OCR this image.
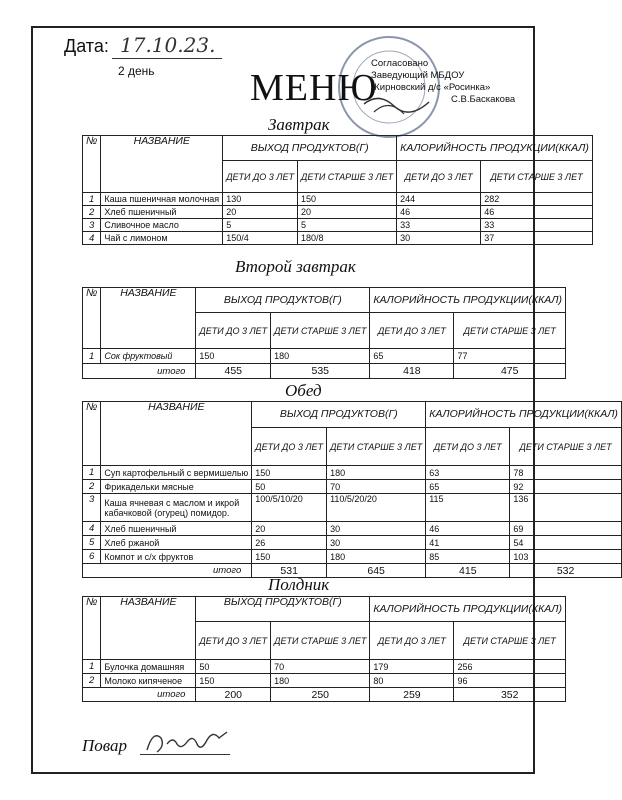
Дата: 17.10.23.
2 день	МЕНЮ
Согласовано
Заведующий МБДОУ
Жирновский д/с «Росинка»
С.В.Баскакова
Завтрак
№	НАЗВАНИЕ	ВЫХОД ПРОДУКТОВ(Г)		КАЛОРИЙНОСТЬ ПРОДУКЦИИ(ККАЛ)	
		ДЕТИ ДО 3 ЛЕТ	ДЕТИ СТАРШЕ 3 ЛЕТ	ДЕТИ ДО 3 ЛЕТ	ДЕТИ СТАРШЕ 3 ЛЕТ
1	Каша пшеничная молочная	130	150	244	282
2	Хлеб пшеничный	20	20	46	46
3	Сливочное масло	5	5	33	33
4	Чай с лимоном	150/4	180/8	30	37
Второй завтрак
№	НАЗВАНИЕ	ВЫХОД ПРОДУКТОВ(Г)		КАЛОРИЙНОСТЬ ПРОДУКЦИИ(ККАЛ)	
		ДЕТИ ДО 3 ЛЕТ	ДЕТИ СТАРШЕ 3 ЛЕТ	ДЕТИ ДО 3 ЛЕТ	ДЕТИ СТАРШЕ 3 ЛЕТ
1	Сок фруктовый	150	180	65	77
итого		455	535	418	475
Обед
№	НАЗВАНИЕ	ВЫХОД ПРОДУКТОВ(Г)		КАЛОРИЙНОСТЬ ПРОДУКЦИИ(ККАЛ)	
		ДЕТИ ДО 3 ЛЕТ	ДЕТИ СТАРШЕ 3 ЛЕТ	ДЕТИ ДО 3 ЛЕТ	ДЕТИ СТАРШЕ 3 ЛЕТ
1	Суп картофельный с вермишелью	150	180	63	78
2	Фрикадельки мясные	50	70	65	92
3	Каша ячневая с маслом и икрой кабачковой (огурец) помидор.	100/5/10/20	110/5/20/20	115	136
4	Хлеб пшеничный	20	30	46	69
5	Хлеб ржаной	26	30	41	54
6	Компот и с/х фруктов	150	180	85	103
итого		531	645	415	532
Полдник
№	НАЗВАНИЕ	ВЫХОД ПРОДУКТОВ(Г)		КАЛОРИЙНОСТЬ ПРОДУКЦИИ(ККАЛ)	
		ДЕТИ ДО 3 ЛЕТ	ДЕТИ СТАРШЕ 3 ЛЕТ	ДЕТИ ДО 3 ЛЕТ	ДЕТИ СТАРШЕ 3 ЛЕТ
1	Булочка домашняя	50	70	179	256
2	Молоко кипяченое	150	180	80	96
итого		200	250	259	352
Повар
